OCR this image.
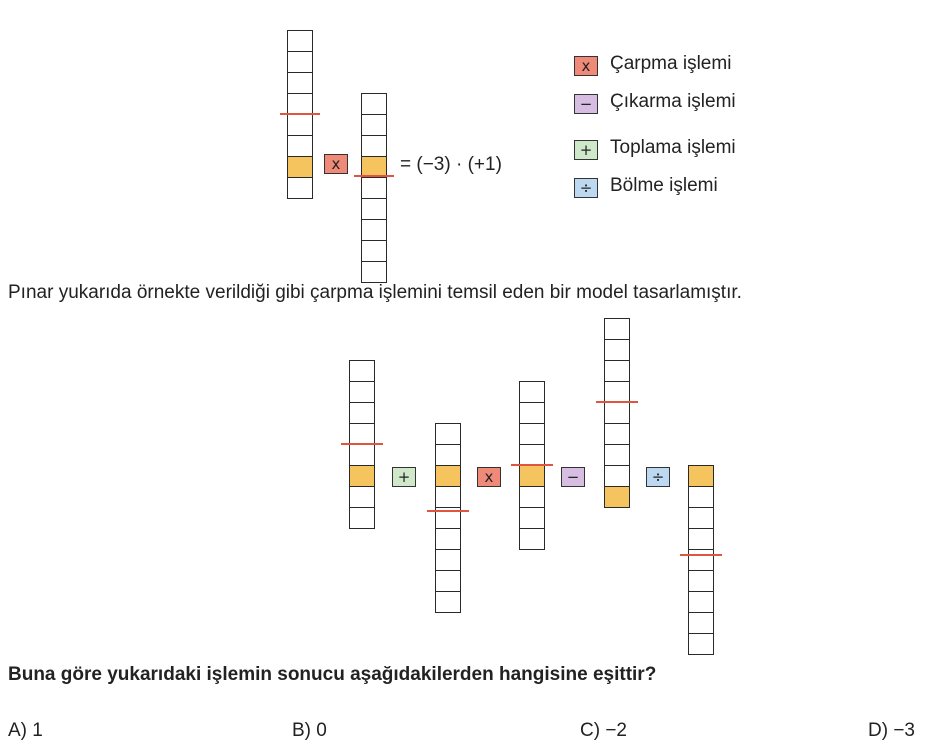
x	= (−3) · (+1)
x	Çarpma işlemi
− Çıkarma işlemi
+ Toplama işlemi
÷ Bölme işlemi
Pınar yukarıda örnekte verildiği gibi çarpma işlemini temsil eden bir model tasarlamıştır.
+	x	−	÷
Buna göre yukarıdaki işlemin sonucu aşağıdakilerden hangisine eşittir?
A) 1	B) 0	C) −2	D) −3
